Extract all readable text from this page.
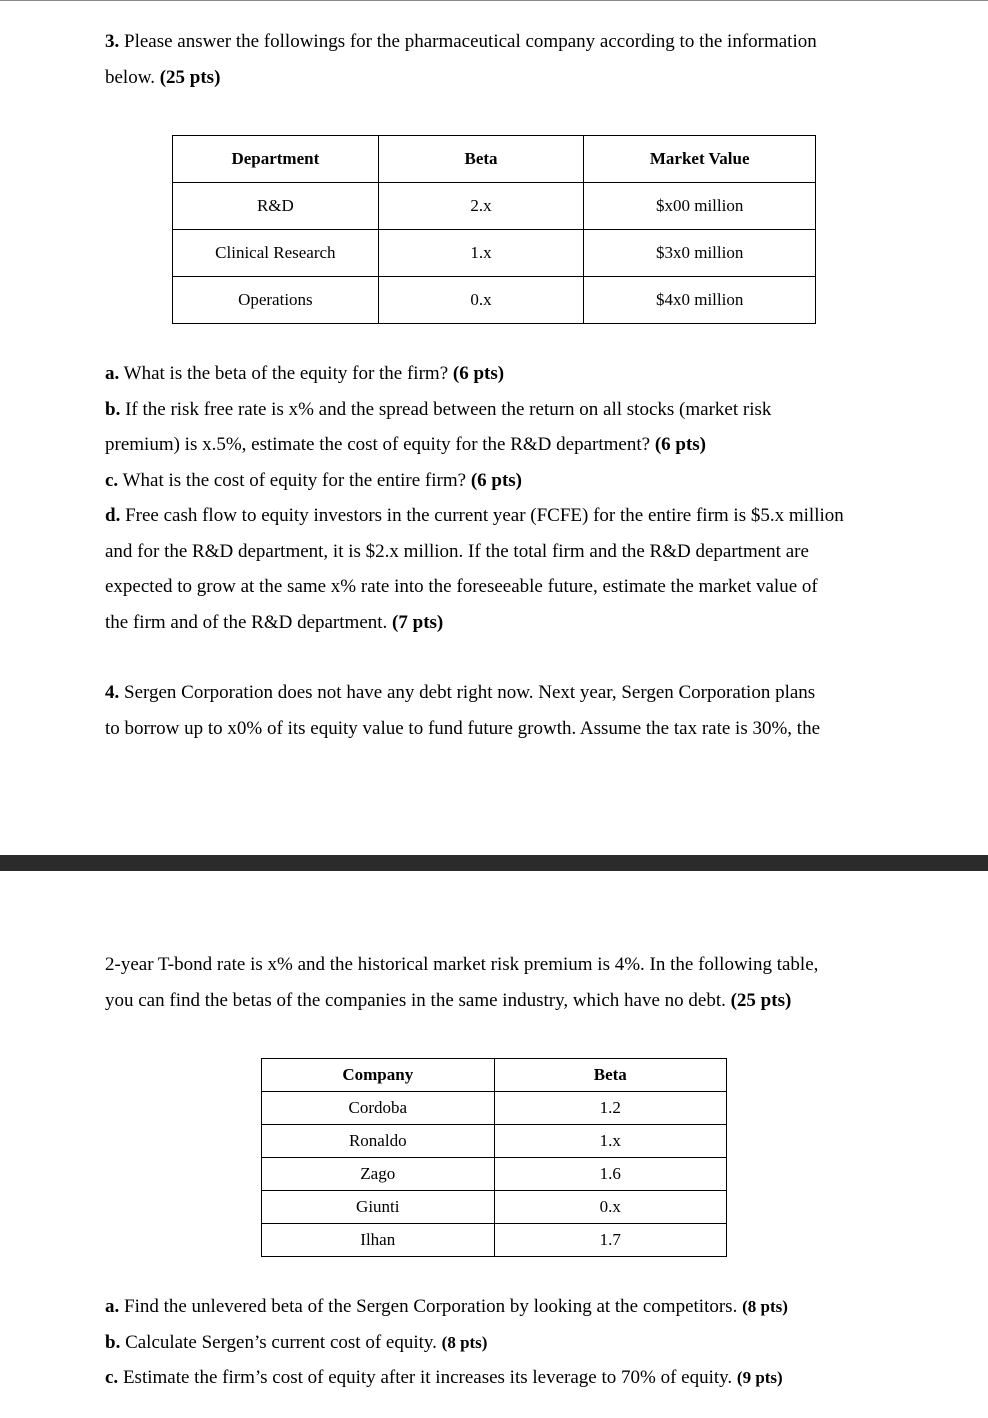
3. Please answer the followings for the pharmaceutical company according to the information
below. (25 pts)

Department	Beta	Market Value
R&D	2.x	$x00 million
Clinical Research	1.x	$3x0 million
Operations	0.x	$4x0 million

a. What is the beta of the equity for the firm? (6 pts)
b. If the risk free rate is x% and the spread between the return on all stocks (market risk
premium) is x.5%, estimate the cost of equity for the R&D department? (6 pts)
c. What is the cost of equity for the entire firm? (6 pts)
d. Free cash flow to equity investors in the current year (FCFE) for the entire firm is $5.x million
and for the R&D department, it is $2.x million. If the total firm and the R&D department are
expected to grow at the same x% rate into the foreseeable future, estimate the market value of
the firm and of the R&D department. (7 pts)

4. Sergen Corporation does not have any debt right now. Next year, Sergen Corporation plans
to borrow up to x0% of its equity value to fund future growth. Assume the tax rate is 30%, the

2-year T-bond rate is x% and the historical market risk premium is 4%. In the following table,
you can find the betas of the companies in the same industry, which have no debt. (25 pts)

Company	Beta
Cordoba	1.2
Ronaldo	1.x
Zago	1.6
Giunti	0.x
Ilhan	1.7

a. Find the unlevered beta of the Sergen Corporation by looking at the competitors. (8 pts)
b. Calculate Sergen’s current cost of equity. (8 pts)
c. Estimate the firm’s cost of equity after it increases its leverage to 70% of equity. (9 pts)
